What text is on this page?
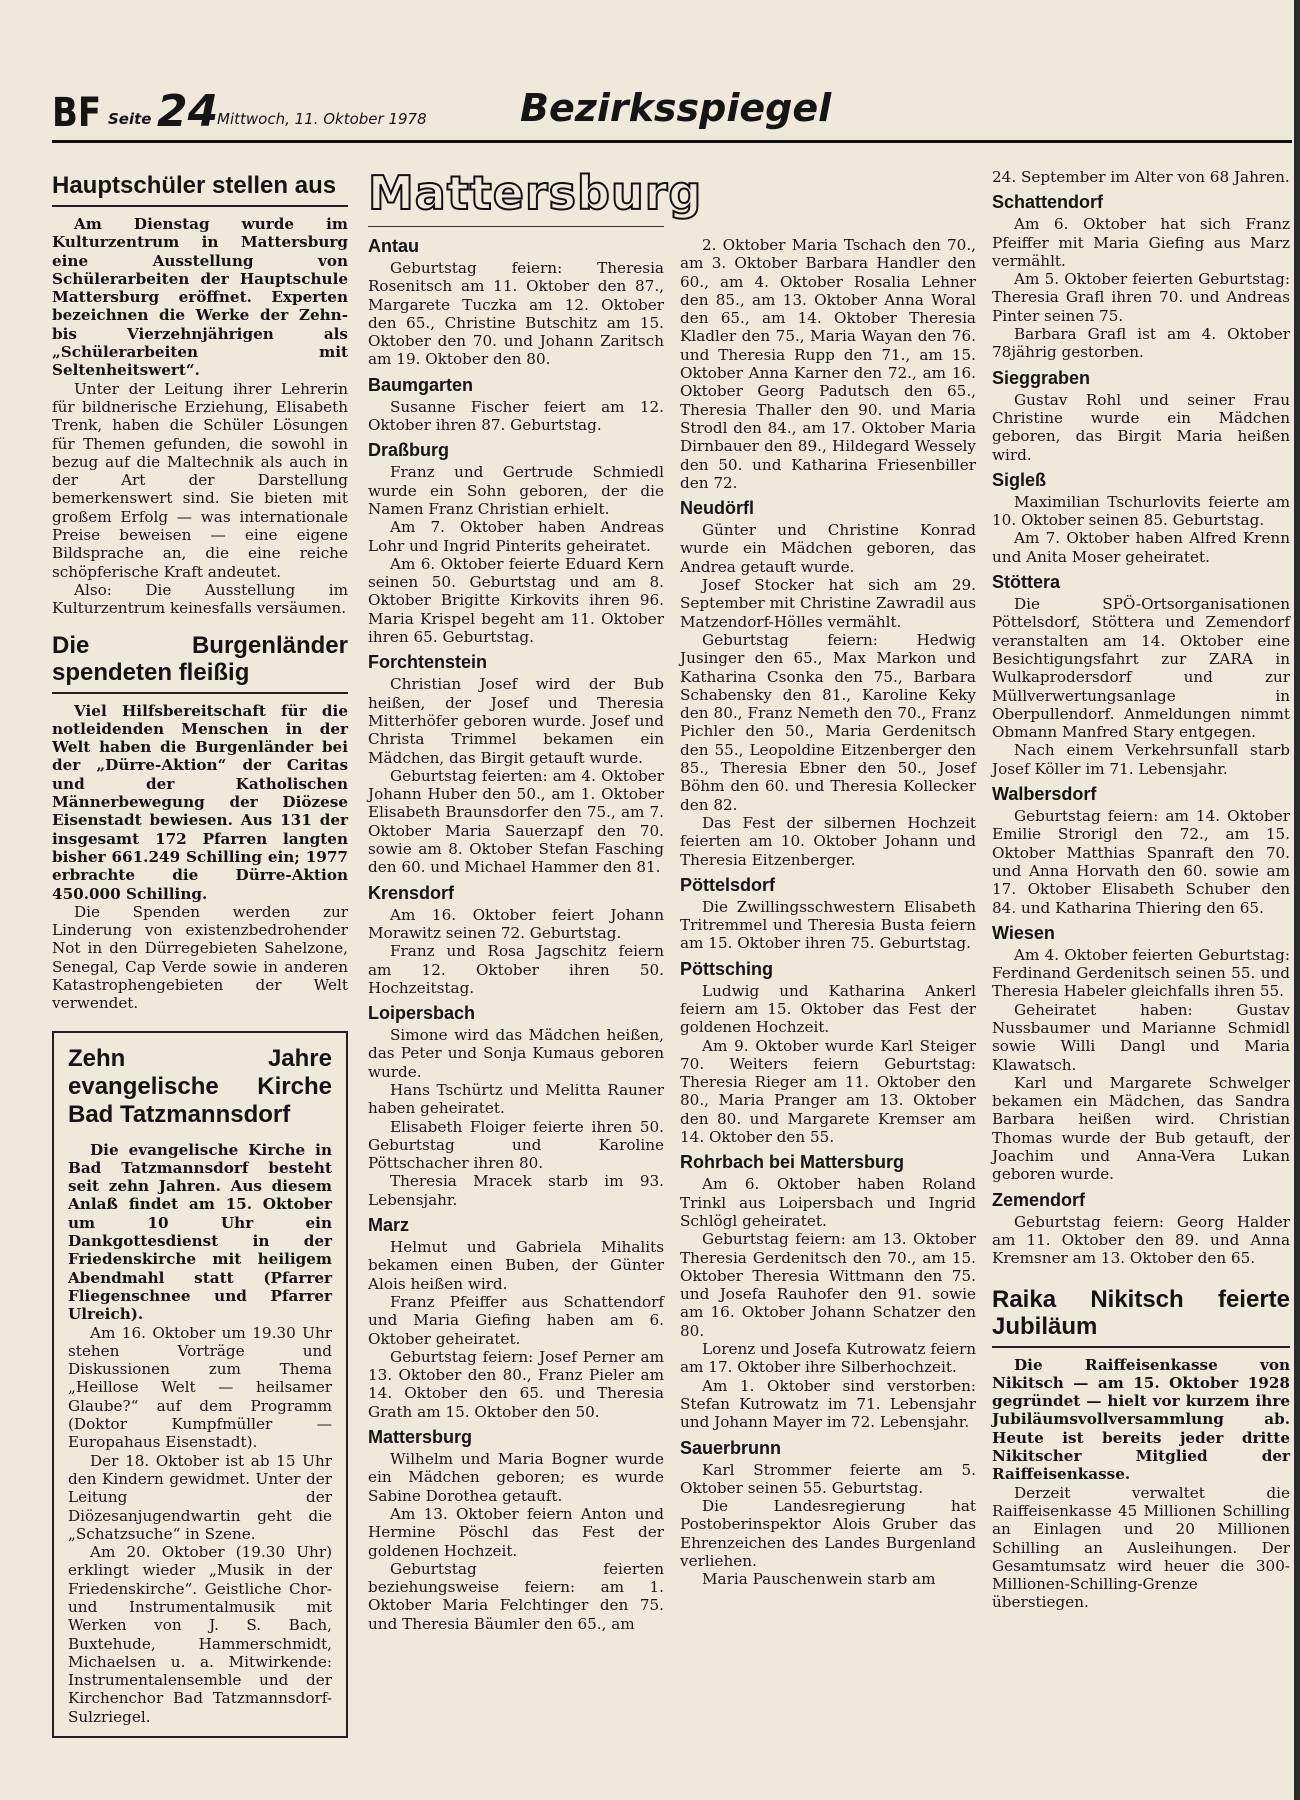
BF Seite 24
Mittwoch, 11. Oktober 1978 Bezirksspiegel
Hauptschüler stellen aus

Am Dienstag wurde im Kulturzentrum in Mattersburg eine Ausstellung von Schülerarbeiten der Hauptschule Mattersburg eröffnet. Experten bezeichnen die Werke der Zehn- bis Vierzehnjährigen als „Schülerarbeiten mit Seltenheitswert“.

Unter der Leitung ihrer Lehrerin für bildnerische Erziehung, Elisabeth Trenk, haben die Schüler Lösungen für Themen gefunden, die sowohl in bezug auf die Maltechnik als auch in der Art der Darstellung bemerkenswert sind. Sie bieten mit großem Erfolg — was internationale Preise beweisen — eine eigene Bildsprache an, die eine reiche schöpferische Kraft andeutet.

Also: Die Ausstellung im Kulturzentrum keinesfalls versäumen.

Die Burgenländer spendeten fleißig

Viel Hilfsbereitschaft für die notleidenden Menschen in der Welt haben die Burgenländer bei der „Dürre-Aktion“ der Caritas und der Katholischen Männerbewegung der Diözese Eisenstadt bewiesen. Aus 131 der insgesamt 172 Pfarren langten bisher 661.249 Schilling ein; 1977 erbrachte die Dürre-Aktion 450.000 Schilling.

Die Spenden werden zur Linderung von existenzbedrohender Not in den Dürregebieten Sahelzone, Senegal, Cap Verde sowie in anderen Katastrophengebieten der Welt verwendet.

Zehn Jahre evangelische Kirche Bad Tatzmannsdorf

Die evangelische Kirche in Bad Tatzmannsdorf besteht seit zehn Jahren. Aus diesem Anlaß findet am 15. Oktober um 10 Uhr ein Dankgottesdienst in der Friedenskirche mit heiligem Abendmahl statt (Pfarrer Fliegenschnee und Pfarrer Ulreich).

Am 16. Oktober um 19.30 Uhr stehen Vorträge und Diskussionen zum Thema „Heillose Welt — heilsamer Glaube?“ auf dem Programm (Doktor Kumpfmüller — Europahaus Eisenstadt).

Der 18. Oktober ist ab 15 Uhr den Kindern gewidmet. Unter der Leitung der Diözesanjugendwartin geht die „Schatzsuche“ in Szene.

Am 20. Oktober (19.30 Uhr) erklingt wieder „Musik in der Friedenskirche“. Geistliche Chor- und Instrumentalmusik mit Werken von J. S. Bach, Buxtehude, Hammerschmidt, Michaelsen u. a. Mitwirkende: Instrumentalensemble und der Kirchenchor Bad Tatzmannsdorf-Sulzriegel.

Mattersburg
Antau

Geburtstag feiern: Theresia Rosenitsch am 11. Oktober den 87., Margarete Tuczka am 12. Oktober den 65., Christine Butschitz am 15. Oktober den 70. und Johann Zaritsch am 19. Oktober den 80.

Baumgarten

Susanne Fischer feiert am 12. Oktober ihren 87. Geburtstag.

Draßburg

Franz und Gertrude Schmiedl wurde ein Sohn geboren, der die Namen Franz Christian erhielt.

Am 7. Oktober haben Andreas Lohr und Ingrid Pinterits geheiratet.

Am 6. Oktober feierte Eduard Kern seinen 50. Geburtstag und am 8. Oktober Brigitte Kirkovits ihren 96. Maria Krispel begeht am 11. Oktober ihren 65. Geburtstag.

Forchtenstein

Christian Josef wird der Bub heißen, der Josef und Theresia Mitterhöfer geboren wurde. Josef und Christa Trimmel bekamen ein Mädchen, das Birgit getauft wurde.

Geburtstag feierten: am 4. Oktober Johann Huber den 50., am 1. Oktober Elisabeth Braunsdorfer den 75., am 7. Oktober Maria Sauerzapf den 70. sowie am 8. Oktober Stefan Fasching den 60. und Michael Hammer den 81.

Krensdorf

Am 16. Oktober feiert Johann Morawitz seinen 72. Geburtstag.

Franz und Rosa Jagschitz feiern am 12. Oktober ihren 50. Hochzeitstag.

Loipersbach

Simone wird das Mädchen heißen, das Peter und Sonja Kumaus geboren wurde.

Hans Tschürtz und Melitta Rauner haben geheiratet.

Elisabeth Floiger feierte ihren 50. Geburtstag und Karoline Pöttschacher ihren 80.

Theresia Mracek starb im 93. Lebensjahr.

Marz

Helmut und Gabriela Mihalits bekamen einen Buben, der Günter Alois heißen wird.

Franz Pfeiffer aus Schattendorf und Maria Giefing haben am 6. Oktober geheiratet.

Geburtstag feiern: Josef Perner am 13. Oktober den 80., Franz Pieler am 14. Oktober den 65. und Theresia Grath am 15. Oktober den 50.

Mattersburg

Wilhelm und Maria Bogner wurde ein Mädchen geboren; es wurde Sabine Dorothea getauft.

Am 13. Oktober feiern Anton und Hermine Pöschl das Fest der goldenen Hochzeit.

Geburtstag feierten beziehungsweise feiern: am 1. Oktober Maria Felchtinger den 75. und Theresia Bäumler den 65., am

2. Oktober Maria Tschach den 70., am 3. Oktober Barbara Handler den 60., am 4. Oktober Rosalia Lehner den 85., am 13. Oktober Anna Woral den 65., am 14. Oktober Theresia Kladler den 75., Maria Wayan den 76. und Theresia Rupp den 71., am 15. Oktober Anna Karner den 72., am 16. Oktober Georg Padutsch den 65., Theresia Thaller den 90. und Maria Strodl den 84., am 17. Oktober Maria Dirnbauer den 89., Hildegard Wessely den 50. und Katharina Friesenbiller den 72.

Neudörfl

Günter und Christine Konrad wurde ein Mädchen geboren, das Andrea getauft wurde.

Josef Stocker hat sich am 29. September mit Christine Zawradil aus Matzendorf-Hölles vermählt.

Geburtstag feiern: Hedwig Jusinger den 65., Max Markon und Katharina Csonka den 75., Barbara Schabensky den 81., Karoline Keky den 80., Franz Nemeth den 70., Franz Pichler den 50., Maria Gerdenitsch den 55., Leopoldine Eitzenberger den 85., Theresia Ebner den 50., Josef Böhm den 60. und Theresia Kollecker den 82.

Das Fest der silbernen Hochzeit feierten am 10. Oktober Johann und Theresia Eitzenberger.

Pöttelsdorf

Die Zwillingsschwestern Elisabeth Tritremmel und Theresia Busta feiern am 15. Oktober ihren 75. Geburtstag.

Pöttsching

Ludwig und Katharina Ankerl feiern am 15. Oktober das Fest der goldenen Hochzeit.

Am 9. Oktober wurde Karl Steiger 70. Weiters feiern Geburtstag: Theresia Rieger am 11. Oktober den 80., Maria Pranger am 13. Oktober den 80. und Margarete Kremser am 14. Oktober den 55.

Rohrbach bei Mattersburg

Am 6. Oktober haben Roland Trinkl aus Loipersbach und Ingrid Schlögl geheiratet.

Geburtstag feiern: am 13. Oktober Theresia Gerdenitsch den 70., am 15. Oktober Theresia Wittmann den 75. und Josefa Rauhofer den 91. sowie am 16. Oktober Johann Schatzer den 80.

Lorenz und Josefa Kutrowatz feiern am 17. Oktober ihre Silberhochzeit.

Am 1. Oktober sind verstorben: Stefan Kutrowatz im 71. Lebensjahr und Johann Mayer im 72. Lebensjahr.

Sauerbrunn

Karl Strommer feierte am 5. Oktober seinen 55. Geburtstag.

Die Landesregierung hat Postoberinspektor Alois Gruber das Ehrenzeichen des Landes Burgenland verliehen.

Maria Pauschenwein starb am

24. September im Alter von 68 Jahren.

Schattendorf

Am 6. Oktober hat sich Franz Pfeiffer mit Maria Giefing aus Marz vermählt.

Am 5. Oktober feierten Geburtstag: Theresia Grafl ihren 70. und Andreas Pinter seinen 75.

Barbara Grafl ist am 4. Oktober 78jährig gestorben.

Sieggraben

Gustav Rohl und seiner Frau Christine wurde ein Mädchen geboren, das Birgit Maria heißen wird.

Sigleß

Maximilian Tschurlovits feierte am 10. Oktober seinen 85. Geburtstag.

Am 7. Oktober haben Alfred Krenn und Anita Moser geheiratet.

Stöttera

Die SPÖ-Ortsorganisationen Pöttelsdorf, Stöttera und Zemendorf veranstalten am 14. Oktober eine Besichtigungsfahrt zur ZARA in Wulkaprodersdorf und zur Müllverwertungsanlage in Oberpullendorf. Anmeldungen nimmt Obmann Manfred Stary entgegen.

Nach einem Verkehrsunfall starb Josef Köller im 71. Lebensjahr.

Walbersdorf

Geburtstag feiern: am 14. Oktober Emilie Strorigl den 72., am 15. Oktober Matthias Spanraft den 70. und Anna Horvath den 60. sowie am 17. Oktober Elisabeth Schuber den 84. und Katharina Thiering den 65.

Wiesen

Am 4. Oktober feierten Geburtstag: Ferdinand Gerdenitsch seinen 55. und Theresia Habeler gleichfalls ihren 55.

Geheiratet haben: Gustav Nussbaumer und Marianne Schmidl sowie Willi Dangl und Maria Klawatsch.

Karl und Margarete Schwelger bekamen ein Mädchen, das Sandra Barbara heißen wird. Christian Thomas wurde der Bub getauft, der Joachim und Anna-Vera Lukan geboren wurde.

Zemendorf

Geburtstag feiern: Georg Halder am 11. Oktober den 89. und Anna Kremsner am 13. Oktober den 65.

Raika Nikitsch feierte Jubiläum

Die Raiffeisenkasse von Nikitsch — am 15. Oktober 1928 gegründet — hielt vor kurzem ihre Jubiläumsvollversammlung ab. Heute ist bereits jeder dritte Nikitscher Mitglied der Raiffeisenkasse.

Derzeit verwaltet die Raiffeisenkasse 45 Millionen Schilling an Einlagen und 20 Millionen Schilling an Ausleihungen. Der Gesamtumsatz wird heuer die 300-Millionen-Schilling-Grenze überstiegen.
